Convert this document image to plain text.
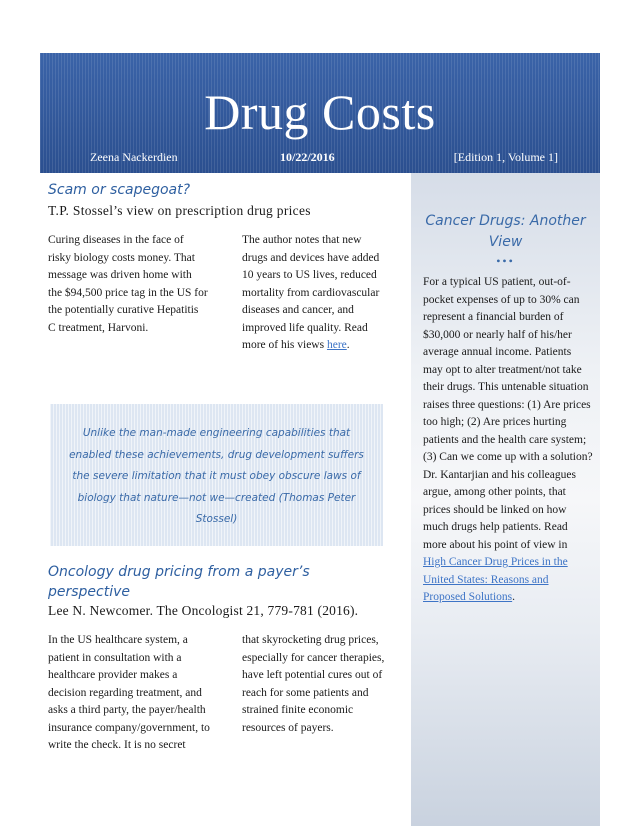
Drug Costs
Zeena Nackerdien	10/22/2016	[Edition 1, Volume 1]
Scam or scapegoat?
T.P. Stossel’s view on prescription drug prices
Curing diseases in the face of risky biology costs money. That message was driven home with the $94,500 price tag in the US for the potentially curative Hepatitis C treatment, Harvoni.
The author notes that new drugs and devices have added 10 years to US lives, reduced mortality from cardiovascular diseases and cancer, and improved life quality. Read more of his views here.
Unlike the man-made engineering capabilities that enabled these achievements, drug development suffers the severe limitation that it must obey obscure laws of biology that nature—not we—created (Thomas Peter Stossel)
Oncology drug pricing from a payer’s perspective
Lee N. Newcomer. The Oncologist 21, 779-781 (2016).
In the US healthcare system, a patient in consultation with a healthcare provider makes a decision regarding treatment, and asks a third party, the payer/health insurance company/government, to write the check. It is no secret
that skyrocketing drug prices, especially for cancer therapies, have left potential cures out of reach for some patients and strained finite economic resources of payers.
Cancer Drugs: Another View
•••
For a typical US patient, out-of-pocket expenses of up to 30% can represent a financial burden of $30,000 or nearly half of his/her average annual income. Patients may opt to alter treatment/not take their drugs. This untenable situation raises three questions: (1) Are prices too high; (2) Are prices hurting patients and the health care system; (3) Can we come up with a solution? Dr. Kantarjian and his colleagues argue, among other points, that prices should be linked on how much drugs help patients. Read more about his point of view in High Cancer Drug Prices in the United States: Reasons and Proposed Solutions.
